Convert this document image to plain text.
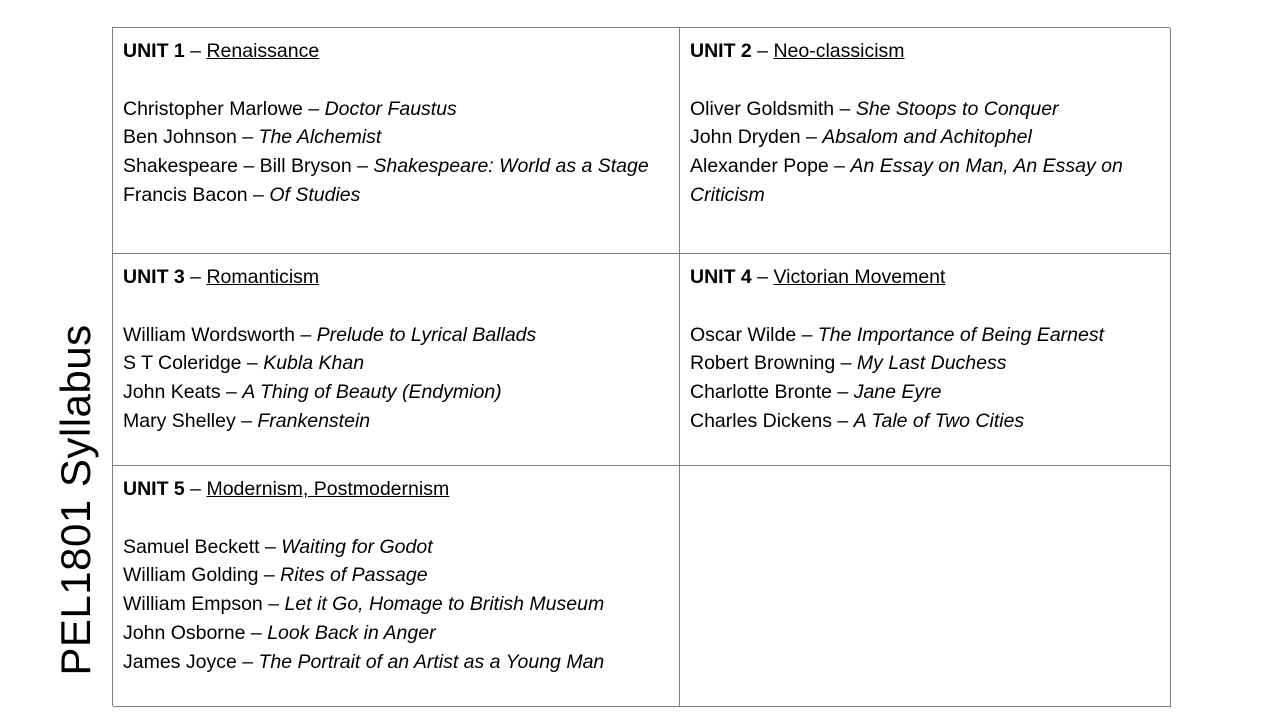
PEL1801 Syllabus
UNIT 1 – Renaissance
Christopher Marlowe – Doctor Faustus
Ben Johnson – The Alchemist
Shakespeare – Bill Bryson – Shakespeare: World as a Stage
Francis Bacon – Of Studies
UNIT 2 – Neo-classicism
Oliver Goldsmith – She Stoops to Conquer
John Dryden – Absalom and Achitophel
Alexander Pope – An Essay on Man, An Essay on Criticism
UNIT 3 – Romanticism
William Wordsworth – Prelude to Lyrical Ballads
S T Coleridge – Kubla Khan
John Keats – A Thing of Beauty (Endymion)
Mary Shelley – Frankenstein
UNIT 4 – Victorian Movement
Oscar Wilde – The Importance of Being Earnest
Robert Browning – My Last Duchess
Charlotte Bronte – Jane Eyre
Charles Dickens – A Tale of Two Cities
UNIT 5 – Modernism, Postmodernism
Samuel Beckett – Waiting for Godot
William Golding – Rites of Passage
William Empson – Let it Go, Homage to British Museum
John Osborne – Look Back in Anger
James Joyce – The Portrait of an Artist as a Young Man
